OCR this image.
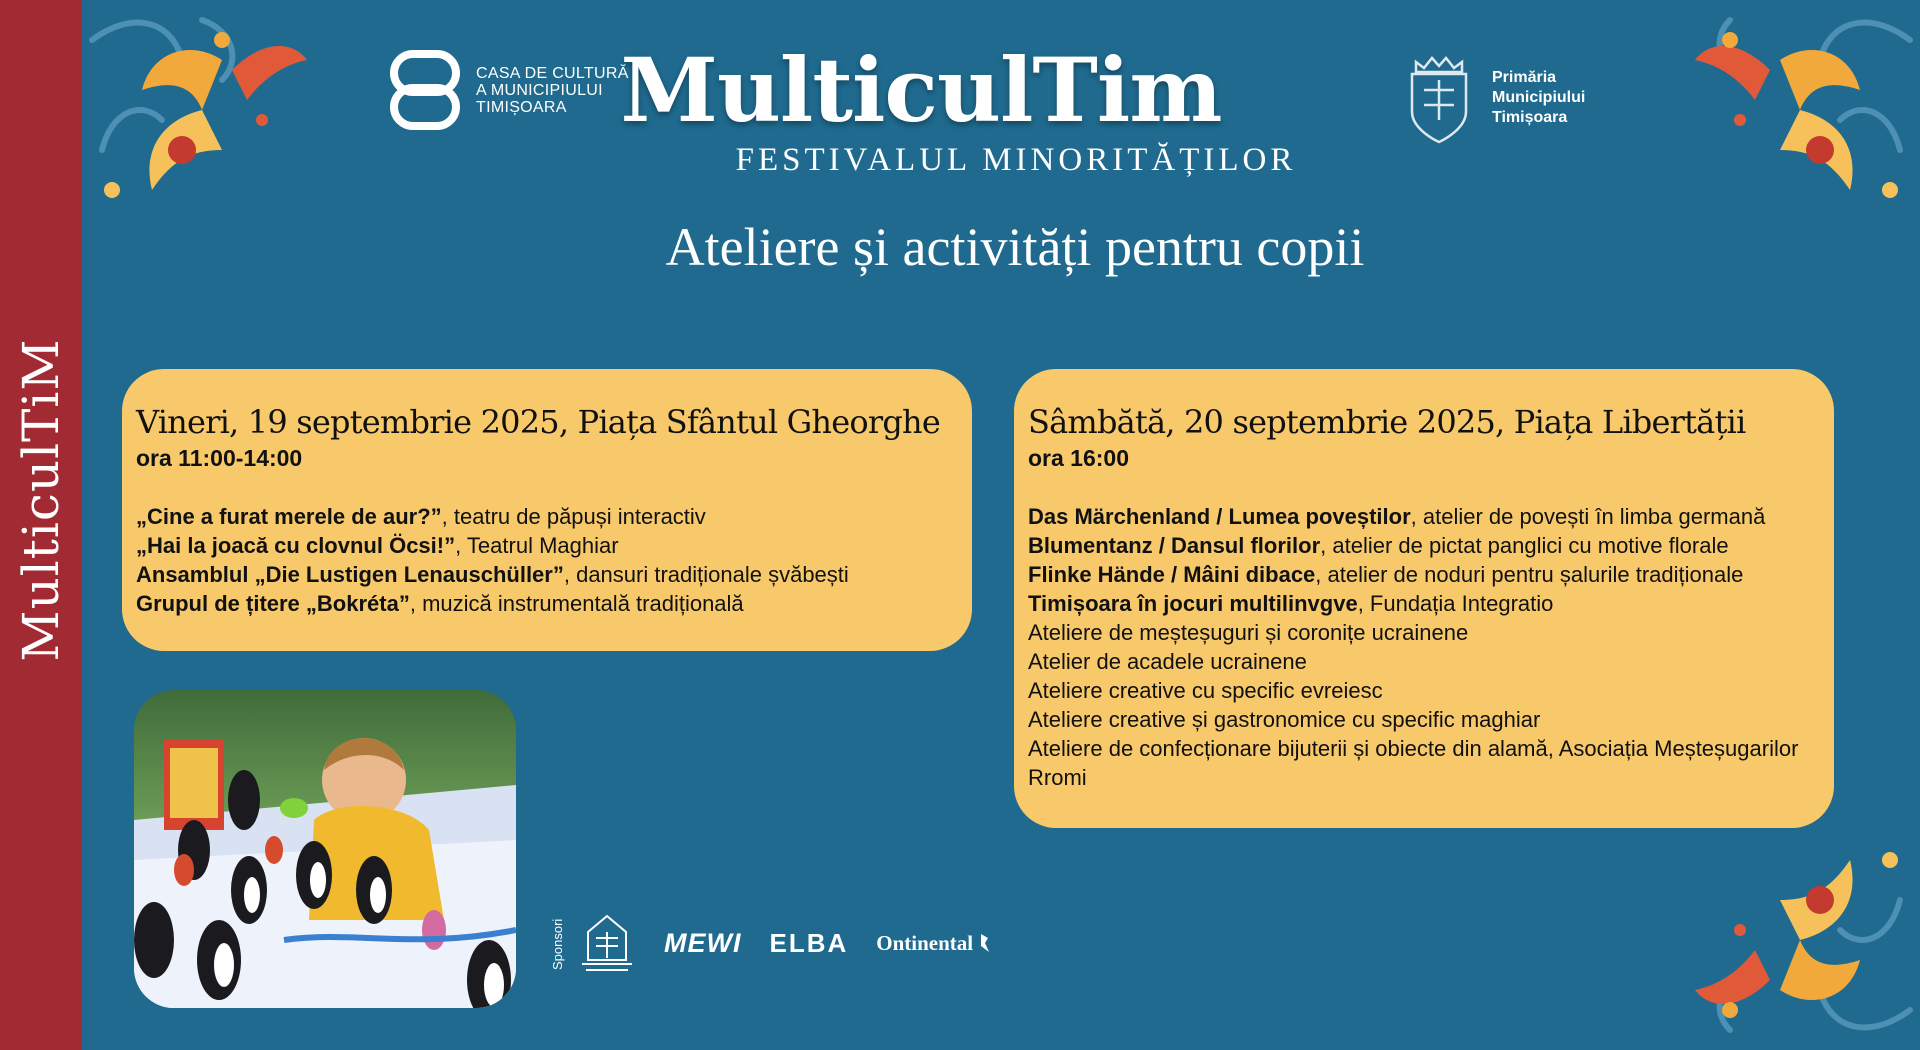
MulticulTiM
CASA DE CULTURĂ
A MUNICIPIULUI
TIMIȘOARA MulticulTim
FESTIVALUL MINORITĂȚILOR
Ateliere și activități pentru copii
Primăria
Municipiului
Timișoara
Vineri, 19 septembrie 2025, Piața Sfântul Gheorghe
ora 11:00-14:00
„Cine a furat merele de aur?”, teatru de păpuși interactiv
„Hai la joacă cu clovnul Öcsi!”, Teatrul Maghiar
Ansamblul „Die Lustigen Lenauschüller”, dansuri tradiționale șvăbești
Grupul de țitere „Bokréta”, muzică instrumentală tradițională
Sâmbătă, 20 septembrie 2025, Piața Libertății
ora 16:00
Das Märchenland / Lumea poveștilor, atelier de povești în limba germană
Blumentanz / Dansul florilor, atelier de pictat panglici cu motive florale
Flinke Hände / Mâini dibace, atelier de noduri pentru șalurile tradiționale
Timișoara în jocuri multilinvgve, Fundația Integratio
Ateliere de meșteșuguri și coronițe ucrainene
Atelier de acadele ucrainene
Ateliere creative cu specific evreiesc
Ateliere creative și gastronomice cu specific maghiar
Ateliere de confecționare bijuterii și obiecte din alamă, Asociația Meșteșugarilor Rromi
Sponsori	MEWI ELBA Ontinental
